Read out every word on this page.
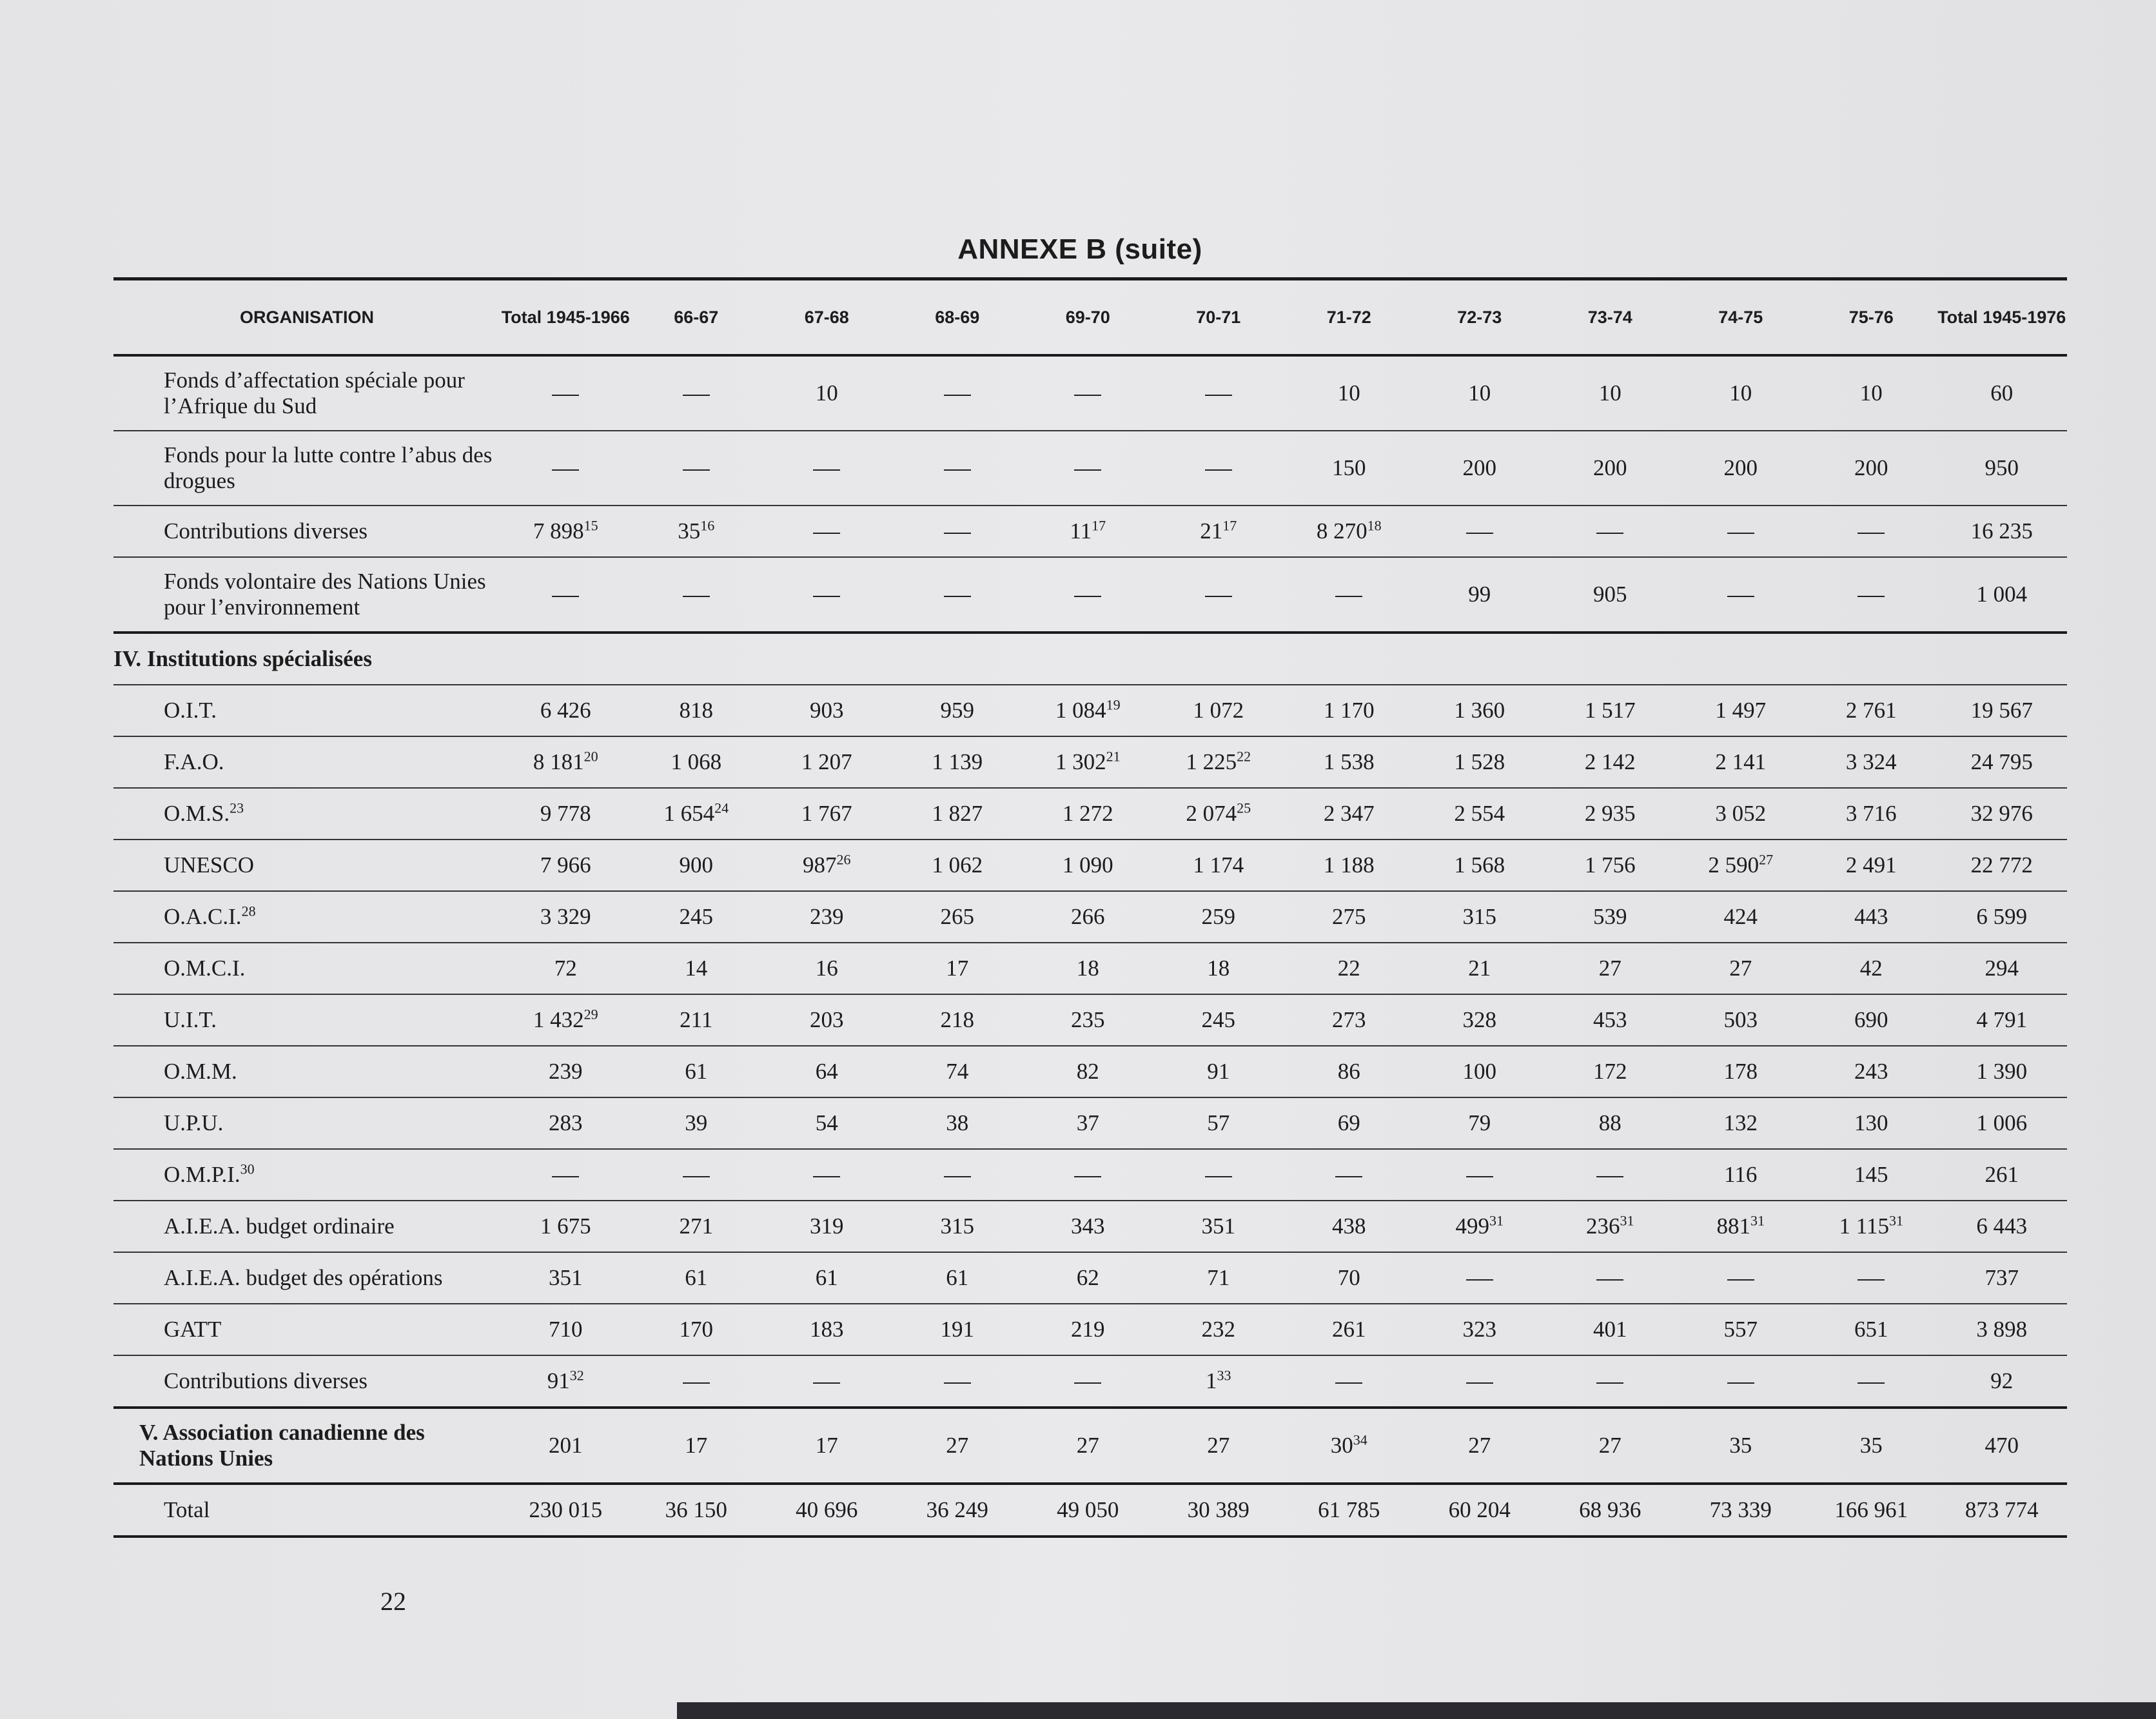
ANNEXE B (suite)
ORGANISATION	Total 1945-1966	66-67	67-68	68-69	69-70	70-71	71-72	72-73	73-74	74-75	75-76	Total 1945-1976
Fonds d’affectation spéciale pour l’Afrique du Sud			10				10	10	10	10	10	60
Fonds pour la lutte contre l’abus des drogues							150	200	200	200	200	950
Contributions diverses	7 $898^{15}$	$35^{16}$			$11^{17}$	$21^{17}$	8 $270^{18}$					16 235
Fonds volontaire des Nations Unies pour l’environnement								99	905			1 004
IV. Institutions spécialisées												
O.I.T.	6 426	818	903	959	1 $084^{19}$	1 072	1 170	1 360	1 517	1 497	2 761	19 567
F.A.O.	8 $181^{20}$	1 068	1 207	1 139	1 $302^{21}$	1 $225^{22}$	1 538	1 528	2 142	2 141	3 324	24 795
O.M.S.$^{23}$	9 778	1 $654^{24}$	1 767	1 827	1 272	2 $074^{25}$	2 347	2 554	2 935	3 052	3 716	32 976
UNESCO	7 966	900	$987^{26}$	1 062	1 090	1 174	1 188	1 568	1 756	2 $590^{27}$	2 491	22 772
O.A.C.I.$^{28}$	3 329	245	239	265	266	259	275	315	539	424	443	6 599
O.M.C.I.	72	14	16	17	18	18	22	21	27	27	42	294
U.I.T.	1 $432^{29}$	211	203	218	235	245	273	328	453	503	690	4 791
O.M.M.	239	61	64	74	82	91	86	100	172	178	243	1 390
U.P.U.	283	39	54	38	37	57	69	79	88	132	130	1 006
O.M.P.I.$^{30}$										116	145	261
A.I.E.A. budget ordinaire	1 675	271	319	315	343	351	438	$499^{31}$	$236^{31}$	$881^{31}$	1 $115^{31}$	6 443
A.I.E.A. budget des opérations	351	61	61	61	62	71	70					737
GATT	710	170	183	191	219	232	261	323	401	557	651	3 898
Contributions diverses	$91^{32}$					$1^{33}$						92
V. Association canadienne des Nations Unies	201	17	17	27	27	27	$30^{34}$	27	27	35	35	470
Total	230 015	36 150	40 696	36 249	49 050	30 389	61 785	60 204	68 936	73 339	166 961	873 774
22
